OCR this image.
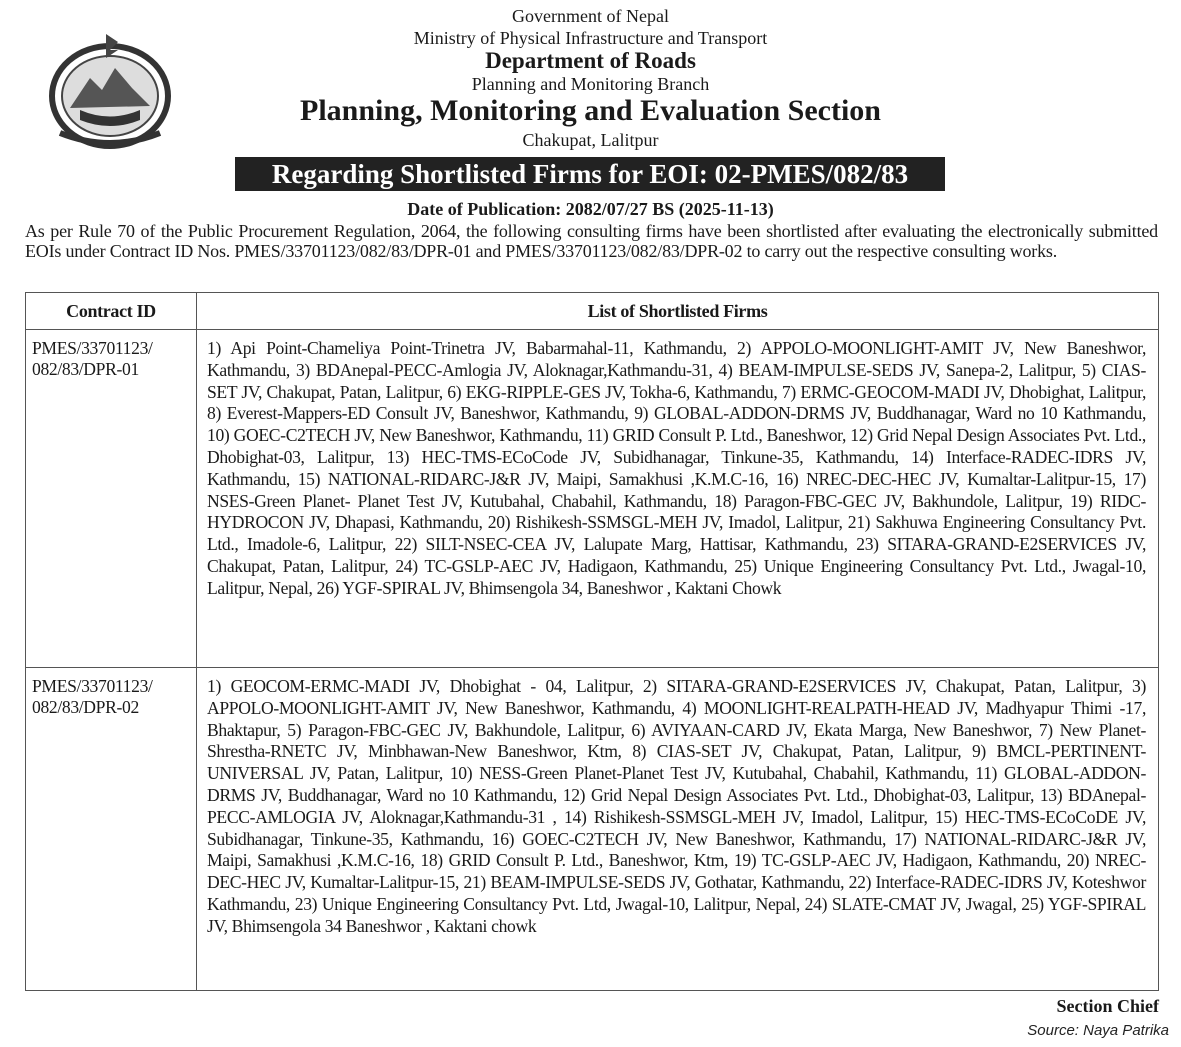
Government of Nepal
Ministry of Physical Infrastructure and Transport
Department of Roads
Planning and Monitoring Branch
Planning, Monitoring and Evaluation Section
Chakupat, Lalitpur
Regarding Shortlisted Firms for EOI: 02-PMES/082/83
Date of Publication: 2082/07/27 BS (2025-11-13)
As per Rule 70 of the Public Procurement Regulation, 2064, the following consulting firms have been shortlisted after evaluating the electronically submitted EOIs under Contract ID Nos. PMES/33701123/082/83/DPR-01 and PMES/33701123/082/83/DPR-02 to carry out the respective consulting works.
Contract ID	List of Shortlisted Firms
PMES/33701123/ 082/83/DPR-01	1) Api Point-Chameliya Point-Trinetra JV, Babarmahal-11, Kathmandu, 2) APPOLO-MOONLIGHT-AMIT JV, New Baneshwor, Kathmandu, 3) BDAnepal-PECC-Amlogia JV, Aloknagar,Kathmandu-31, 4) BEAM-IMPULSE-SEDS JV, Sanepa-2, Lalitpur, 5) CIAS-SET JV, Chakupat, Patan, Lalitpur, 6) EKG-RIPPLE-GES JV, Tokha-6, Kathmandu, 7) ERMC-GEOCOM-MADI JV, Dhobighat, Lalitpur, 8) Everest-Mappers-ED Consult JV, Baneshwor, Kathmandu, 9) GLOBAL-ADDON-DRMS JV, Buddhanagar, Ward no 10 Kathmandu, 10) GOEC-C2TECH JV, New Baneshwor, Kathmandu, 11) GRID Consult P. Ltd., Baneshwor, 12) Grid Nepal Design Associates Pvt. Ltd., Dhobighat-03, Lalitpur, 13) HEC-TMS-ECoCode JV, Subidhanagar, Tinkune-35, Kathmandu, 14) Interface-RADEC-IDRS JV, Kathmandu, 15) NATIONAL-RIDARC-J&R JV, Maipi, Samakhusi ,K.M.C-16, 16) NREC-DEC-HEC JV, Kumaltar-Lalitpur-15, 17) NSES-Green Planet- Planet Test JV, Kutubahal, Chabahil, Kathmandu, 18) Paragon-FBC-GEC JV, Bakhundole, Lalitpur, 19) RIDC-HYDROCON JV, Dhapasi, Kathmandu, 20) Rishikesh-SSMSGL-MEH JV, Imadol, Lalitpur, 21) Sakhuwa Engineering Consultancy Pvt. Ltd., Imadole-6, Lalitpur, 22) SILT-NSEC-CEA JV, Lalupate Marg, Hattisar, Kathmandu, 23) SITARA-GRAND-E2SERVICES JV, Chakupat, Patan, Lalitpur, 24) TC-GSLP-AEC JV, Hadigaon, Kathmandu, 25) Unique Engineering Consultancy Pvt. Ltd., Jwagal-10, Lalitpur, Nepal, 26) YGF-SPIRAL JV, Bhimsengola 34, Baneshwor , Kaktani Chowk
PMES/33701123/ 082/83/DPR-02	1) GEOCOM-ERMC-MADI JV, Dhobighat - 04, Lalitpur, 2) SITARA-GRAND-E2SERVICES JV, Chakupat, Patan, Lalitpur, 3) APPOLO-MOONLIGHT-AMIT JV, New Baneshwor, Kathmandu, 4) MOONLIGHT-REALPATH-HEAD JV, Madhyapur Thimi -17, Bhaktapur, 5) Paragon-FBC-GEC JV, Bakhundole, Lalitpur, 6) AVIYAAN-CARD JV, Ekata Marga, New Baneshwor, 7) New Planet-Shrestha-RNETC JV, Minbhawan-New Baneshwor, Ktm, 8) CIAS-SET JV, Chakupat, Patan, Lalitpur, 9) BMCL-PERTINENT-UNIVERSAL JV, Patan, Lalitpur, 10) NESS-Green Planet-Planet Test JV, Kutubahal, Chabahil, Kathmandu, 11) GLOBAL-ADDON-DRMS JV, Buddhanagar, Ward no 10 Kathmandu, 12) Grid Nepal Design Associates Pvt. Ltd., Dhobighat-03, Lalitpur, 13) BDAnepal-PECC-AMLOGIA JV, Aloknagar,Kathmandu-31 , 14) Rishikesh-SSMSGL-MEH JV, Imadol, Lalitpur, 15) HEC-TMS-ECoCoDE JV, Subidhanagar, Tinkune-35, Kathmandu, 16) GOEC-C2TECH JV, New Baneshwor, Kathmandu, 17) NATIONAL-RIDARC-J&R JV, Maipi, Samakhusi ,K.M.C-16, 18) GRID Consult P. Ltd., Baneshwor, Ktm, 19) TC-GSLP-AEC JV, Hadigaon, Kathmandu, 20) NREC-DEC-HEC JV, Kumaltar-Lalitpur-15, 21) BEAM-IMPULSE-SEDS JV, Gothatar, Kathmandu, 22) Interface-RADEC-IDRS JV, Koteshwor Kathmandu, 23) Unique Engineering Consultancy Pvt. Ltd, Jwagal-10, Lalitpur, Nepal, 24) SLATE-CMAT JV, Jwagal, 25) YGF-SPIRAL JV, Bhimsengola 34 Baneshwor , Kaktani chowk
Section Chief
Source: Naya Patrika
